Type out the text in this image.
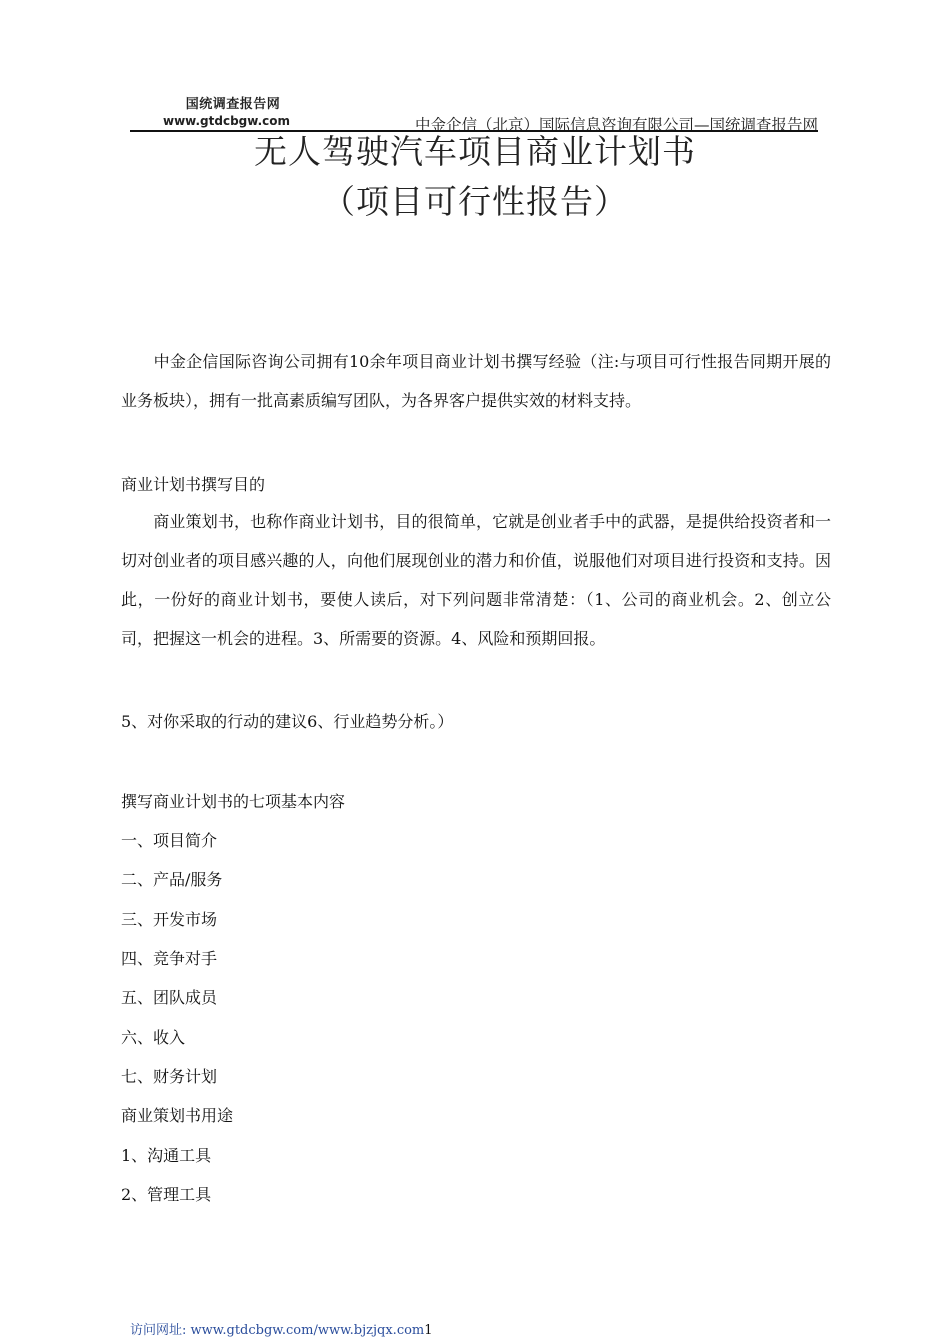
国统调查报告网
www.gtdcbgw.com	中金企信（北京）国际信息咨询有限公司—国统调查报告网
无人驾驶汽车项目商业计划书
（项目可行性报告）
　　中金企信国际咨询公司拥有10余年项目商业计划书撰写经验（注:与项目可行性报告同期开展的业务板块），拥有一批高素质编写团队，为各界客户提供实效的材料支持。
商业计划书撰写目的
　　商业策划书，也称作商业计划书，目的很简单，它就是创业者手中的武器，是提供给投资者和一切对创业者的项目感兴趣的人，向他们展现创业的潜力和价值，说服他们对项目进行投资和支持。因此，一份好的商业计划书，要使人读后，对下列问题非常清楚：（1、公司的商业机会。2、创立公司，把握这一机会的进程。3、所需要的资源。4、风险和预期回报。
5、对你采取的行动的建议6、行业趋势分析。）
撰写商业计划书的七项基本内容
一、项目简介
二、产品/服务
三、开发市场
四、竞争对手
五、团队成员
六、收入
七、财务计划
商业策划书用途
1、沟通工具
2、管理工具
访问网址: www.gtdcbgw.com/www.bjzjqx.com1
